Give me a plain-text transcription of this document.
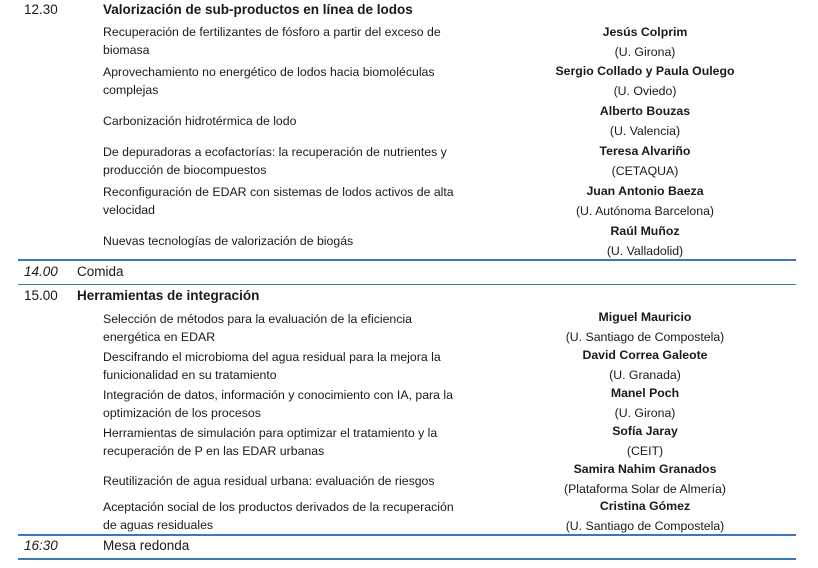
12.30	Valorización de sub-productos en línea de lodos
Recuperación de fertilizantes de fósforo a partir del exceso de biomasa
Jesús Colprim
(U. Girona)
Aprovechamiento no energético de lodos hacia biomoléculas complejas
Sergio Collado y Paula Oulego
(U. Oviedo)
Carbonización hidrotérmica de lodo
Alberto Bouzas
(U. Valencia)
De depuradoras a ecofactorías: la recuperación de nutrientes y producción de biocompuestos
Teresa Alvariño
(CETAQUA)
Reconfiguración de EDAR con sistemas de lodos activos de alta velocidad
Juan Antonio Baeza
(U. Autónoma Barcelona)
Nuevas tecnologías de valorización de biogás
Raúl Muñoz
(U. Valladolid)
14.00 Comida
15.00 Herramientas de integración
Selección de métodos para la evaluación de la eficiencia energética en EDAR
Miguel Mauricio
(U. Santiago de Compostela)
Descifrando el microbioma del agua residual para la mejora la funicionalidad en su tratamiento
David Correa Galeote
(U. Granada)
Integración de datos, información y conocimiento con IA, para la optimización de los procesos
Manel Poch
(U. Girona)
Herramientas de simulación para optimizar el tratamiento y la recuperación de P en las EDAR urbanas
Sofía Jaray
(CEIT)
Reutilización de agua residual urbana: evaluación de riesgos
Samira Nahim Granados
(Plataforma Solar de Almería)
Aceptación social de los productos derivados de la recuperación de aguas residuales
Cristina Gómez
(U. Santiago de Compostela)
16:30	Mesa redonda
